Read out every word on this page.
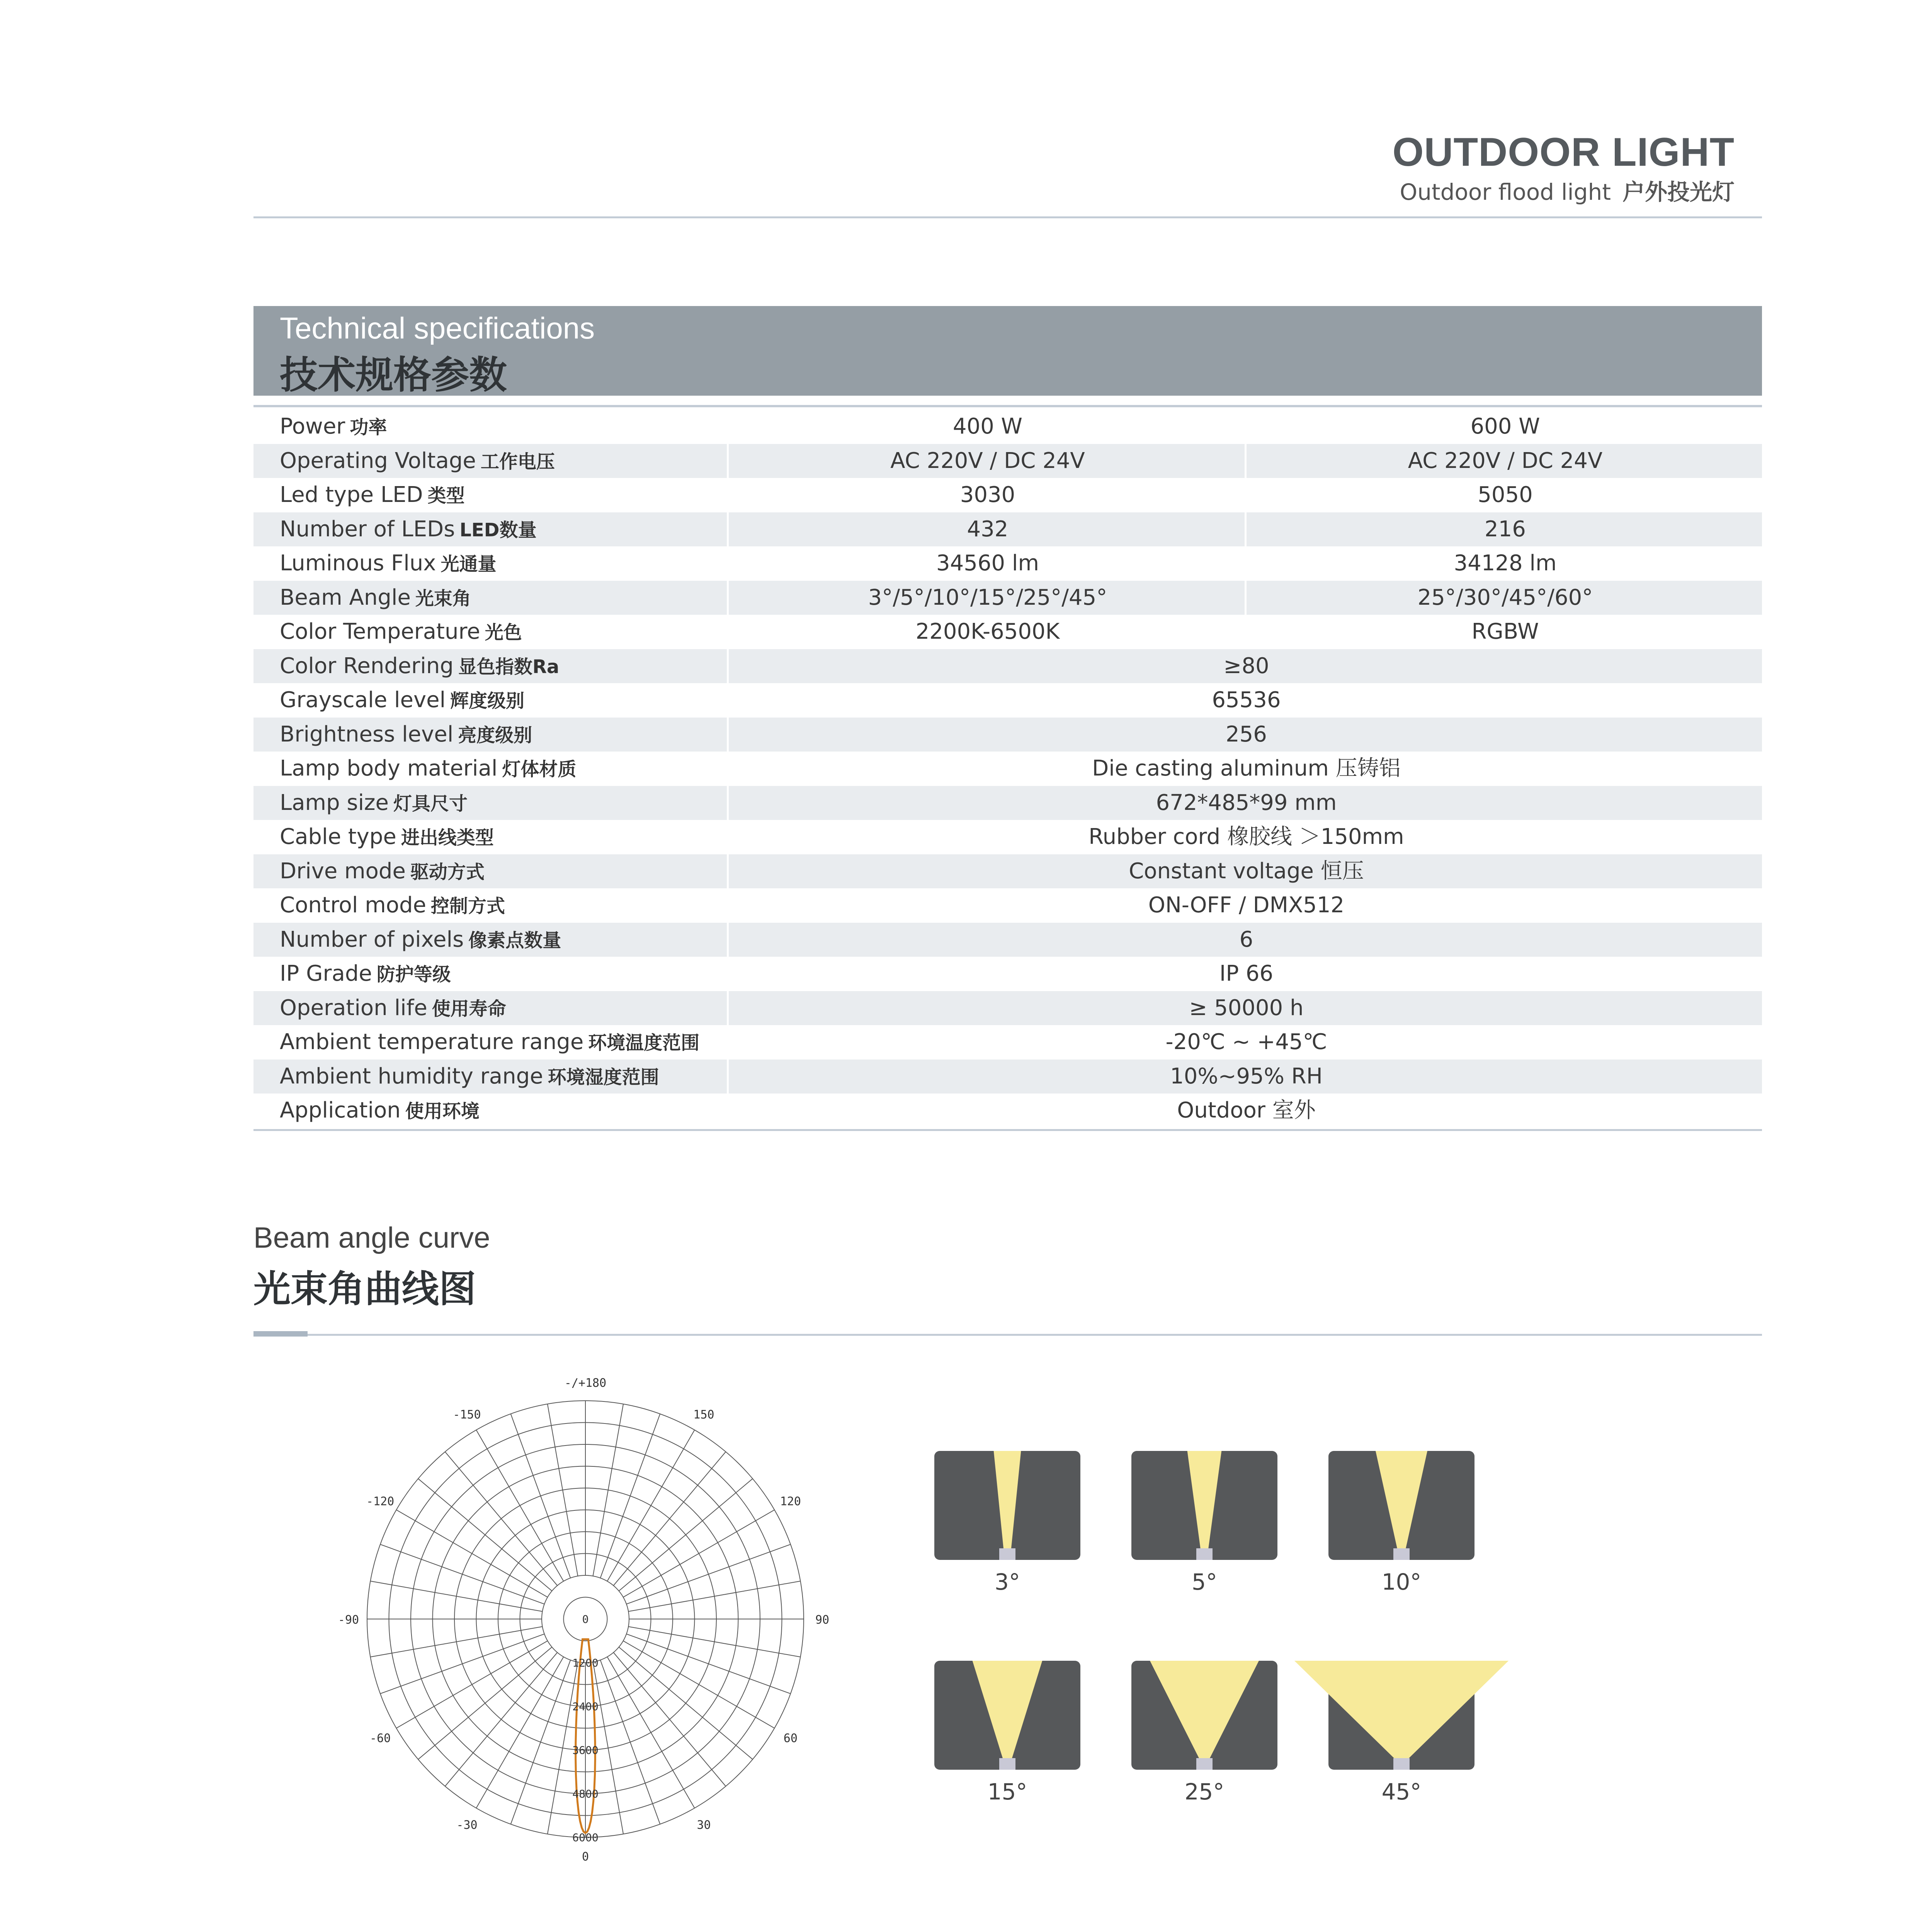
OUTDOOR LIGHT
Outdoor flood light 户外投光灯
Technical specifications
技术规格参数
Power 功率	400 W	600 W
Operating Voltage 工作电压	AC 220V / DC 24V	AC 220V / DC 24V
Led type LED 类型	3030	5050
Number of LEDs LED数量	432	216
Luminous Flux 光通量	34560 lm	34128 lm
Beam Angle 光束角	3°/5°/10°/15°/25°/45°	25°/30°/45°/60°
Color Temperature 光色	2200K-6500K	RGBW
Color Rendering 显色指数Ra	≥80
Grayscale level 辉度级别	65536
Brightness level 亮度级别	256
Lamp body material 灯体材质	Die casting aluminum 压铸铝
Lamp size 灯具尺寸	672*485*99 mm
Cable type 进出线类型	Rubber cord 橡胶线 ＞150mm
Drive mode 驱动方式	Constant voltage 恒压
Control mode 控制方式	ON-OFF / DMX512
Number of pixels 像素点数量	6
IP Grade 防护等级	IP 66
Operation life 使用寿命	≥ 50000 h
Ambient temperature range 环境温度范围	-20℃ ~ +45℃
Ambient humidity range 环境湿度范围	10%~95% RH
Application 使用环境	Outdoor 室外
Beam angle curve
光束角曲线图
-/+180
150
120
90
60
30
0
-30
-60
-90
-120
-150
0
1200
2400
3600
4800
6000
3°	5°	10°
15°	25°	45°
